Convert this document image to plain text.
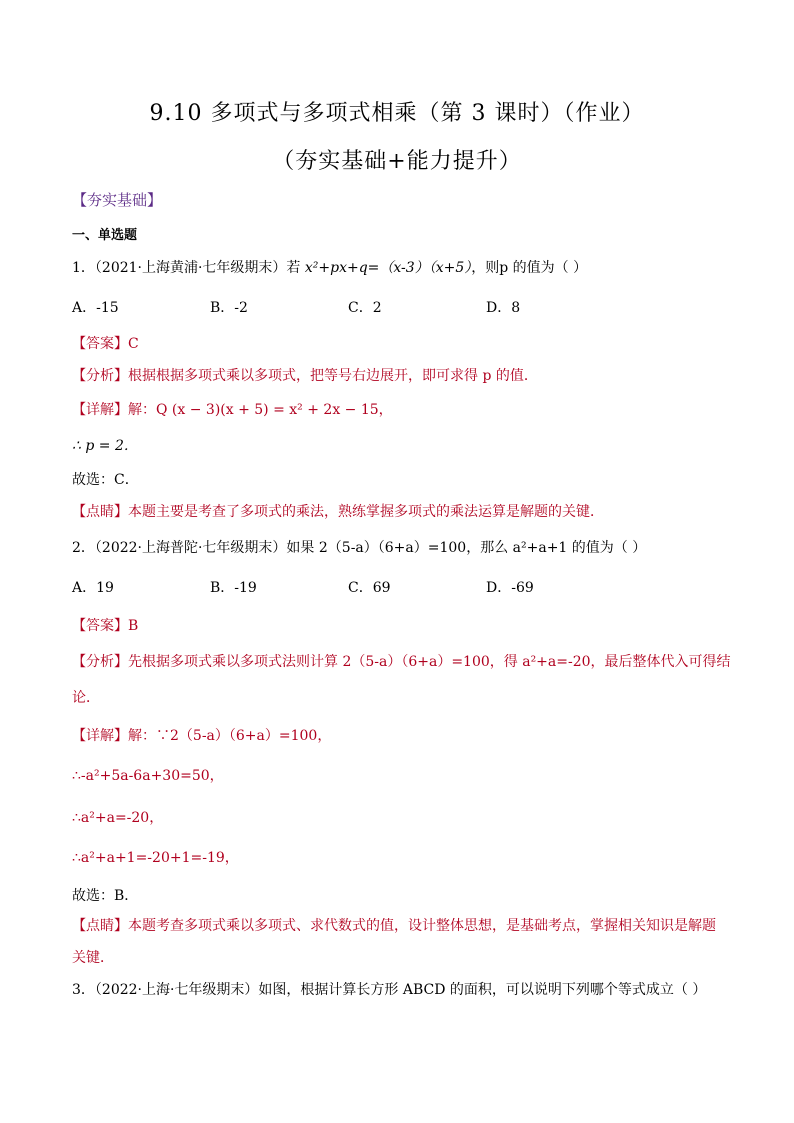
9.10 多项式与多项式相乘（第 3 课时）（作业）
（夯实基础+能力提升）
【夯实基础】
一、单选题
1．（2021·上海黄浦·七年级期末）若 x²+px+q=（x-3）（x+5），则p 的值为（ ）
A．-15	B．-2	C．2	D．8
【答案】C
【分析】根据根据多项式乘以多项式，把等号右边展开，即可求得 p 的值．
【详解】解：Q (x − 3)(x + 5) = x² + 2x − 15，
∴ p = 2．
故选：C．
【点睛】本题主要是考查了多项式的乘法，熟练掌握多项式的乘法运算是解题的关键．
2．（2022·上海普陀·七年级期末）如果 2（5-a）（6+a）=100，那么 a²+a+1 的值为（ ）
A．19	B．-19	C．69	D．-69
【答案】B
【分析】先根据多项式乘以多项式法则计算 2（5-a）（6+a）=100，得 a²+a=-20，最后整体代入可得结
论．
【详解】解：∵2（5-a）（6+a）=100，
∴-a²+5a-6a+30=50，
∴a²+a=-20，
∴a²+a+1=-20+1=-19，
故选：B．
【点睛】本题考查多项式乘以多项式、求代数式的值，设计整体思想，是基础考点，掌握相关知识是解题
关键．
3．（2022·上海·七年级期末）如图，根据计算长方形 ABCD 的面积，可以说明下列哪个等式成立（ ）
